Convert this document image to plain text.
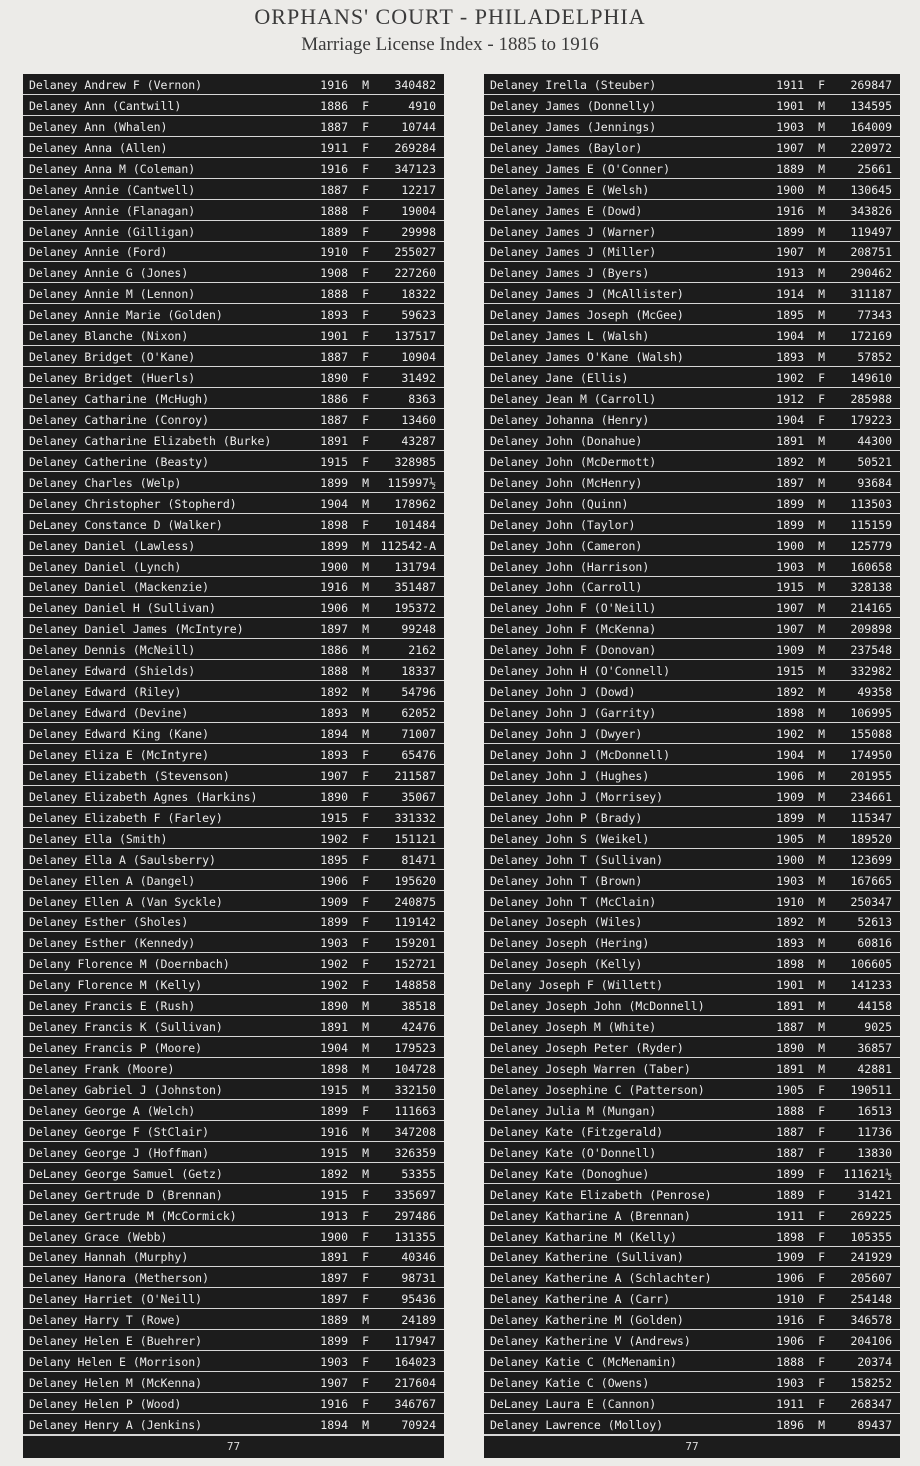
ORPHANS' COURT - PHILADELPHIA
Marriage License Index - 1885 to 1916
Delaney Andrew F (Vernon)	1916 M 340482
Delaney Ann (Cantwill)	1886 F	4910
Delaney Ann (Whalen)	1887 F	10744
Delaney Anna (Allen)	1911 F 269284
Delaney Anna M (Coleman)	1916 F 347123
Delaney Annie (Cantwell)	1887 F	12217
Delaney Annie (Flanagan)	1888 F	19004
Delaney Annie (Gilligan)	1889 F	29998
Delaney Annie (Ford)	1910 F 255027
Delaney Annie G (Jones)	1908 F 227260
Delaney Annie M (Lennon)	1888 F	18322
Delaney Annie Marie (Golden)	1893 F	59623
Delaney Blanche (Nixon)	1901 F 137517
Delaney Bridget (O'Kane)	1887 F	10904
Delaney Bridget (Huerls)	1890 F	31492
Delaney Catharine (McHugh)	1886 F	8363
Delaney Catharine (Conroy)	1887 F	13460
Delaney Catharine Elizabeth (Burke)	1891 F	43287
Delaney Catherine (Beasty)	1915 F 328985
Delaney Charles (Welp)	1899 M 115997½
Delaney Christopher (Stopherd)	1904 M 178962
DeLaney Constance D (Walker)	1898 F 101484
Delaney Daniel (Lawless)	1899 M 112542-A
Delaney Daniel (Lynch)	1900 M 131794
Delaney Daniel (Mackenzie)	1916 M 351487
Delaney Daniel H (Sullivan)	1906 M 195372
Delaney Daniel James (McIntyre)	1897 M	99248
Delaney Dennis (McNeill)	1886 M	2162
Delaney Edward (Shields)	1888 M	18337
Delaney Edward (Riley)	1892 M	54796
Delaney Edward (Devine)	1893 M	62052
Delaney Edward King (Kane)	1894 M	71007
Delaney Eliza E (McIntyre)	1893 F	65476
Delaney Elizabeth (Stevenson)	1907 F 211587
Delaney Elizabeth Agnes (Harkins)	1890 F	35067
Delaney Elizabeth F (Farley)	1915 F 331332
Delaney Ella (Smith)	1902 F 151121
Delaney Ella A (Saulsberry)	1895 F	81471
Delaney Ellen A (Dangel)	1906 F 195620
Delaney Ellen A (Van Syckle)	1909 F 240875
Delaney Esther (Sholes)	1899 F 119142
Delaney Esther (Kennedy)	1903 F 159201
Delany Florence M (Doernbach)	1902 F 152721
Delany Florence M (Kelly)	1902 F 148858
Delaney Francis E (Rush)	1890 M	38518
Delaney Francis K (Sullivan)	1891 M	42476
Delaney Francis P (Moore)	1904 M 179523
Delaney Frank (Moore)	1898 M 104728
Delaney Gabriel J (Johnston)	1915 M 332150
Delaney George A (Welch)	1899 F 111663
Delaney George F (StClair)	1916 M 347208
Delaney George J (Hoffman)	1915 M 326359
DeLaney George Samuel (Getz)	1892 M	53355
Delaney Gertrude D (Brennan)	1915 F 335697
Delaney Gertrude M (McCormick)	1913 F 297486
Delaney Grace (Webb)	1900 F 131355
Delaney Hannah (Murphy)	1891 F	40346
Delaney Hanora (Metherson)	1897 F	98731
Delaney Harriet (O'Neill)	1897 F	95436
Delaney Harry T (Rowe)	1889 M	24189
Delaney Helen E (Buehrer)	1899 F 117947
Delany Helen E (Morrison)	1903 F 164023
Delaney Helen M (McKenna)	1907 F 217604
Delaney Helen P (Wood)	1916 F 346767
Delaney Henry A (Jenkins)	1894 M	70924
77
Delaney Irella (Steuber)	1911 F 269847
Delaney James (Donnelly)	1901 M 134595
Delaney James (Jennings)	1903 M 164009
Delaney James (Baylor)	1907 M 220972
Delaney James E (O'Conner)	1889 M	25661
Delaney James E (Welsh)	1900 M 130645
Delaney James E (Dowd)	1916 M 343826
Delaney James J (Warner)	1899 M 119497
Delaney James J (Miller)	1907 M 208751
Delaney James J (Byers)	1913 M 290462
Delaney James J (McAllister)	1914 M 311187
Delaney James Joseph (McGee)	1895 M	77343
Delaney James L (Walsh)	1904 M 172169
Delaney James O'Kane (Walsh)	1893 M	57852
Delaney Jane (Ellis)	1902 F 149610
Delaney Jean M (Carroll)	1912 F 285988
Delaney Johanna (Henry)	1904 F 179223
Delaney John (Donahue)	1891 M	44300
Delaney John (McDermott)	1892 M	50521
Delaney John (McHenry)	1897 M	93684
Delaney John (Quinn)	1899 M 113503
Delaney John (Taylor)	1899 M 115159
Delaney John (Cameron)	1900 M 125779
Delaney John (Harrison)	1903 M 160658
Delaney John (Carroll)	1915 M 328138
Delaney John F (O'Neill)	1907 M 214165
Delaney John F (McKenna)	1907 M 209898
Delaney John F (Donovan)	1909 M 237548
Delaney John H (O'Connell)	1915 M 332982
Delaney John J (Dowd)	1892 M	49358
Delaney John J (Garrity)	1898 M 106995
Delaney John J (Dwyer)	1902 M 155088
Delaney John J (McDonnell)	1904 M 174950
Delaney John J (Hughes)	1906 M 201955
Delaney John J (Morrisey)	1909 M 234661
Delaney John P (Brady)	1899 M 115347
Delaney John S (Weikel)	1905 M 189520
Delaney John T (Sullivan)	1900 M 123699
Delaney John T (Brown)	1903 M 167665
Delaney John T (McClain)	1910 M 250347
Delaney Joseph (Wiles)	1892 M	52613
Delaney Joseph (Hering)	1893 M	60816
Delaney Joseph (Kelly)	1898 M 106605
Delany Joseph F (Willett)	1901 M 141233
Delaney Joseph John (McDonnell)	1891 M	44158
Delaney Joseph M (White)	1887 M	9025
Delaney Joseph Peter (Ryder)	1890 M	36857
Delaney Joseph Warren (Taber)	1891 M	42881
Delaney Josephine C (Patterson)	1905 F 190511
Delaney Julia M (Mungan)	1888 F	16513
Delaney Kate (Fitzgerald)	1887 F	11736
Delaney Kate (O'Donnell)	1887 F	13830
Delaney Kate (Donoghue)	1899 F 111621½
Delaney Kate Elizabeth (Penrose)	1889 F	31421
Delaney Katharine A (Brennan)	1911 F 269225
Delaney Katharine M (Kelly)	1898 F 105355
Delaney Katherine (Sullivan)	1909 F 241929
Delaney Katherine A (Schlachter)	1906 F 205607
Delaney Katherine A (Carr)	1910 F 254148
Delaney Katherine M (Golden)	1916 F 346578
Delaney Katherine V (Andrews)	1906 F 204106
Delaney Katie C (McMenamin)	1888 F	20374
Delaney Katie C (Owens)	1903 F 158252
DeLaney Laura E (Cannon)	1911 F 268347
Delaney Lawrence (Molloy)	1896 M	89437
77
